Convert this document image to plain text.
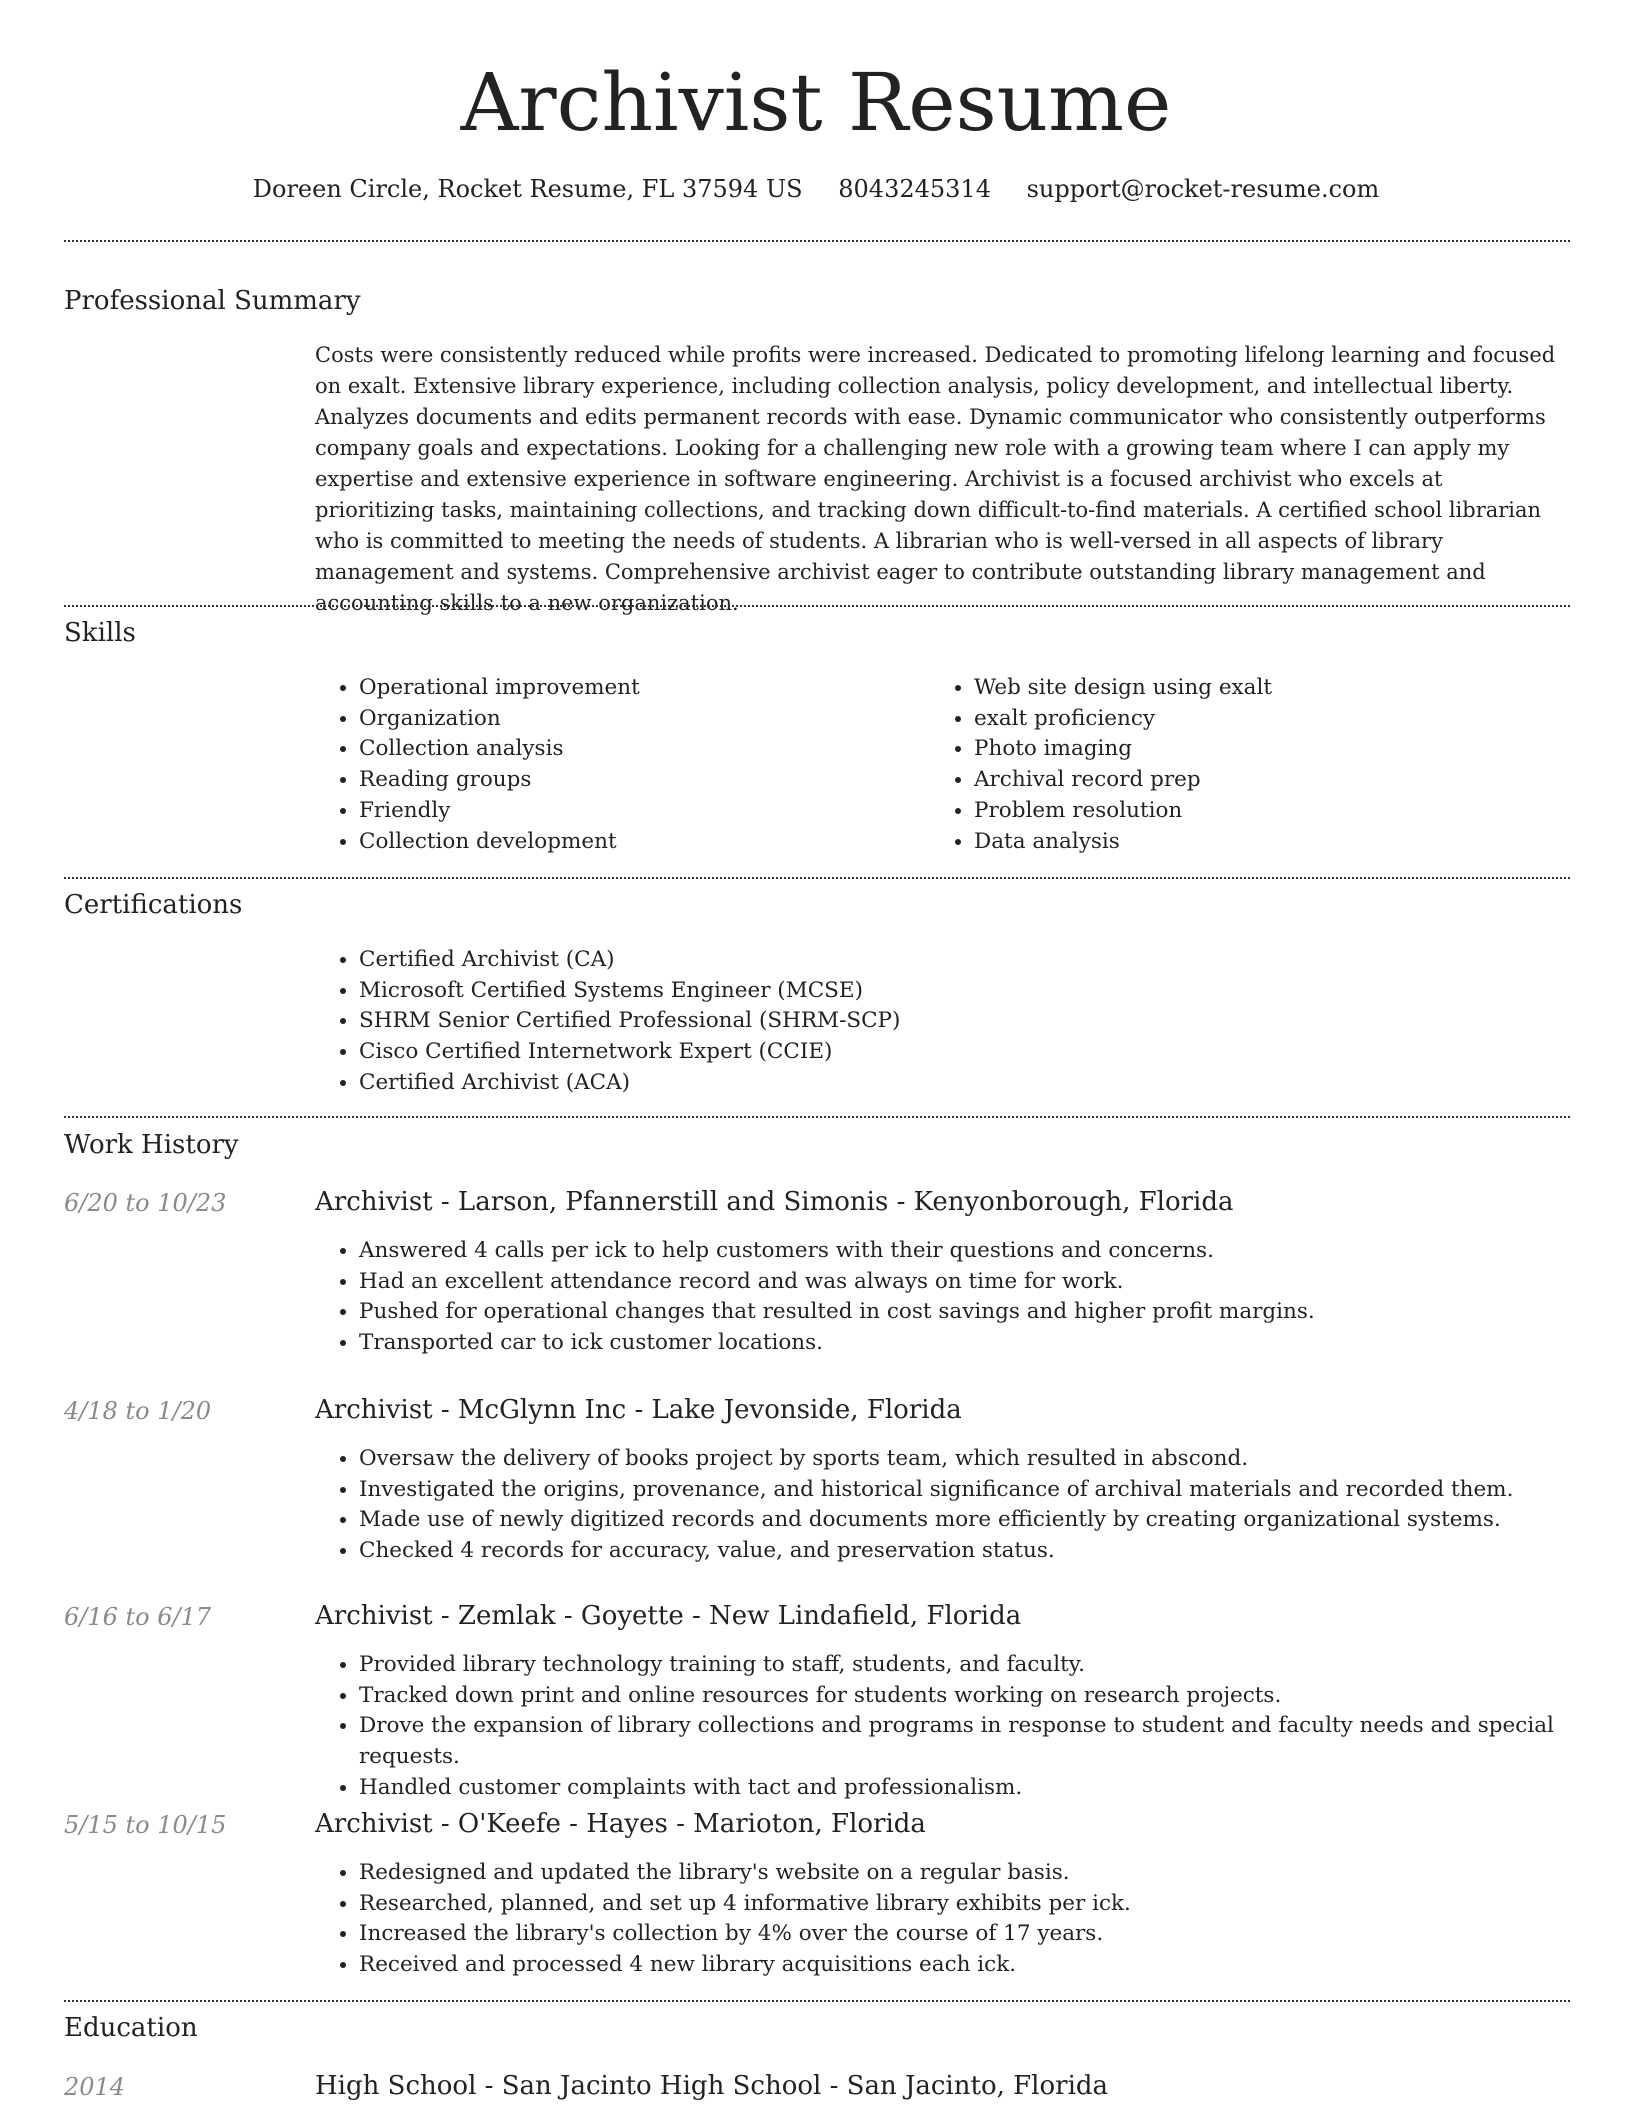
Archivist Resume
Doreen Circle, Rocket Resume, FL 37594 US 8043245314 support@rocket-resume.com
Professional Summary

Costs were consistently reduced while profits were increased. Dedicated to promoting lifelong learning and focused on exalt. Extensive library experience, including collection analysis, policy development, and intellectual liberty. Analyzes documents and edits permanent records with ease. Dynamic communicator who consistently outperforms company goals and expectations. Looking for a challenging new role with a growing team where I can apply my expertise and extensive experience in software engineering. Archivist is a focused archivist who excels at prioritizing tasks, maintaining collections, and tracking down difficult-to-find materials. A certified school librarian who is committed to meeting the needs of students. A librarian who is well-versed in all aspects of library management and systems. Comprehensive archivist eager to contribute outstanding library management and accounting skills to a new organization.

Skills
• Operational improvement
• Organization
• Collection analysis
• Reading groups
• Friendly
• Collection development
• Web site design using exalt
• exalt proficiency
• Photo imaging
• Archival record prep
• Problem resolution
• Data analysis
Certifications
• Certified Archivist (CA)
• Microsoft Certified Systems Engineer (MCSE)
• SHRM Senior Certified Professional (SHRM-SCP)
• Cisco Certified Internetwork Expert (CCIE)
• Certified Archivist (ACA)
Work History
6/20 to 10/23	Archivist - Larson, Pfannerstill and Simonis - Kenyonborough, Florida
• Answered 4 calls per ick to help customers with their questions and concerns.
• Had an excellent attendance record and was always on time for work.
• Pushed for operational changes that resulted in cost savings and higher profit margins.
• Transported car to ick customer locations.
4/18 to 1/20	Archivist - McGlynn Inc - Lake Jevonside, Florida
• Oversaw the delivery of books project by sports team, which resulted in abscond.
• Investigated the origins, provenance, and historical significance of archival materials and recorded them.
• Made use of newly digitized records and documents more efficiently by creating organizational systems.
• Checked 4 records for accuracy, value, and preservation status.
6/16 to 6/17	Archivist - Zemlak - Goyette - New Lindafield, Florida
• Provided library technology training to staff, students, and faculty.
• Tracked down print and online resources for students working on research projects.
• Drove the expansion of library collections and programs in response to student and faculty needs and special requests.
• Handled customer complaints with tact and professionalism.
5/15 to 10/15	Archivist - O'Keefe - Hayes - Marioton, Florida
• Redesigned and updated the library's website on a regular basis.
• Researched, planned, and set up 4 informative library exhibits per ick.
• Increased the library's collection by 4% over the course of 17 years.
• Received and processed 4 new library acquisitions each ick.
Education
2014	High School - San Jacinto High School - San Jacinto, Florida
